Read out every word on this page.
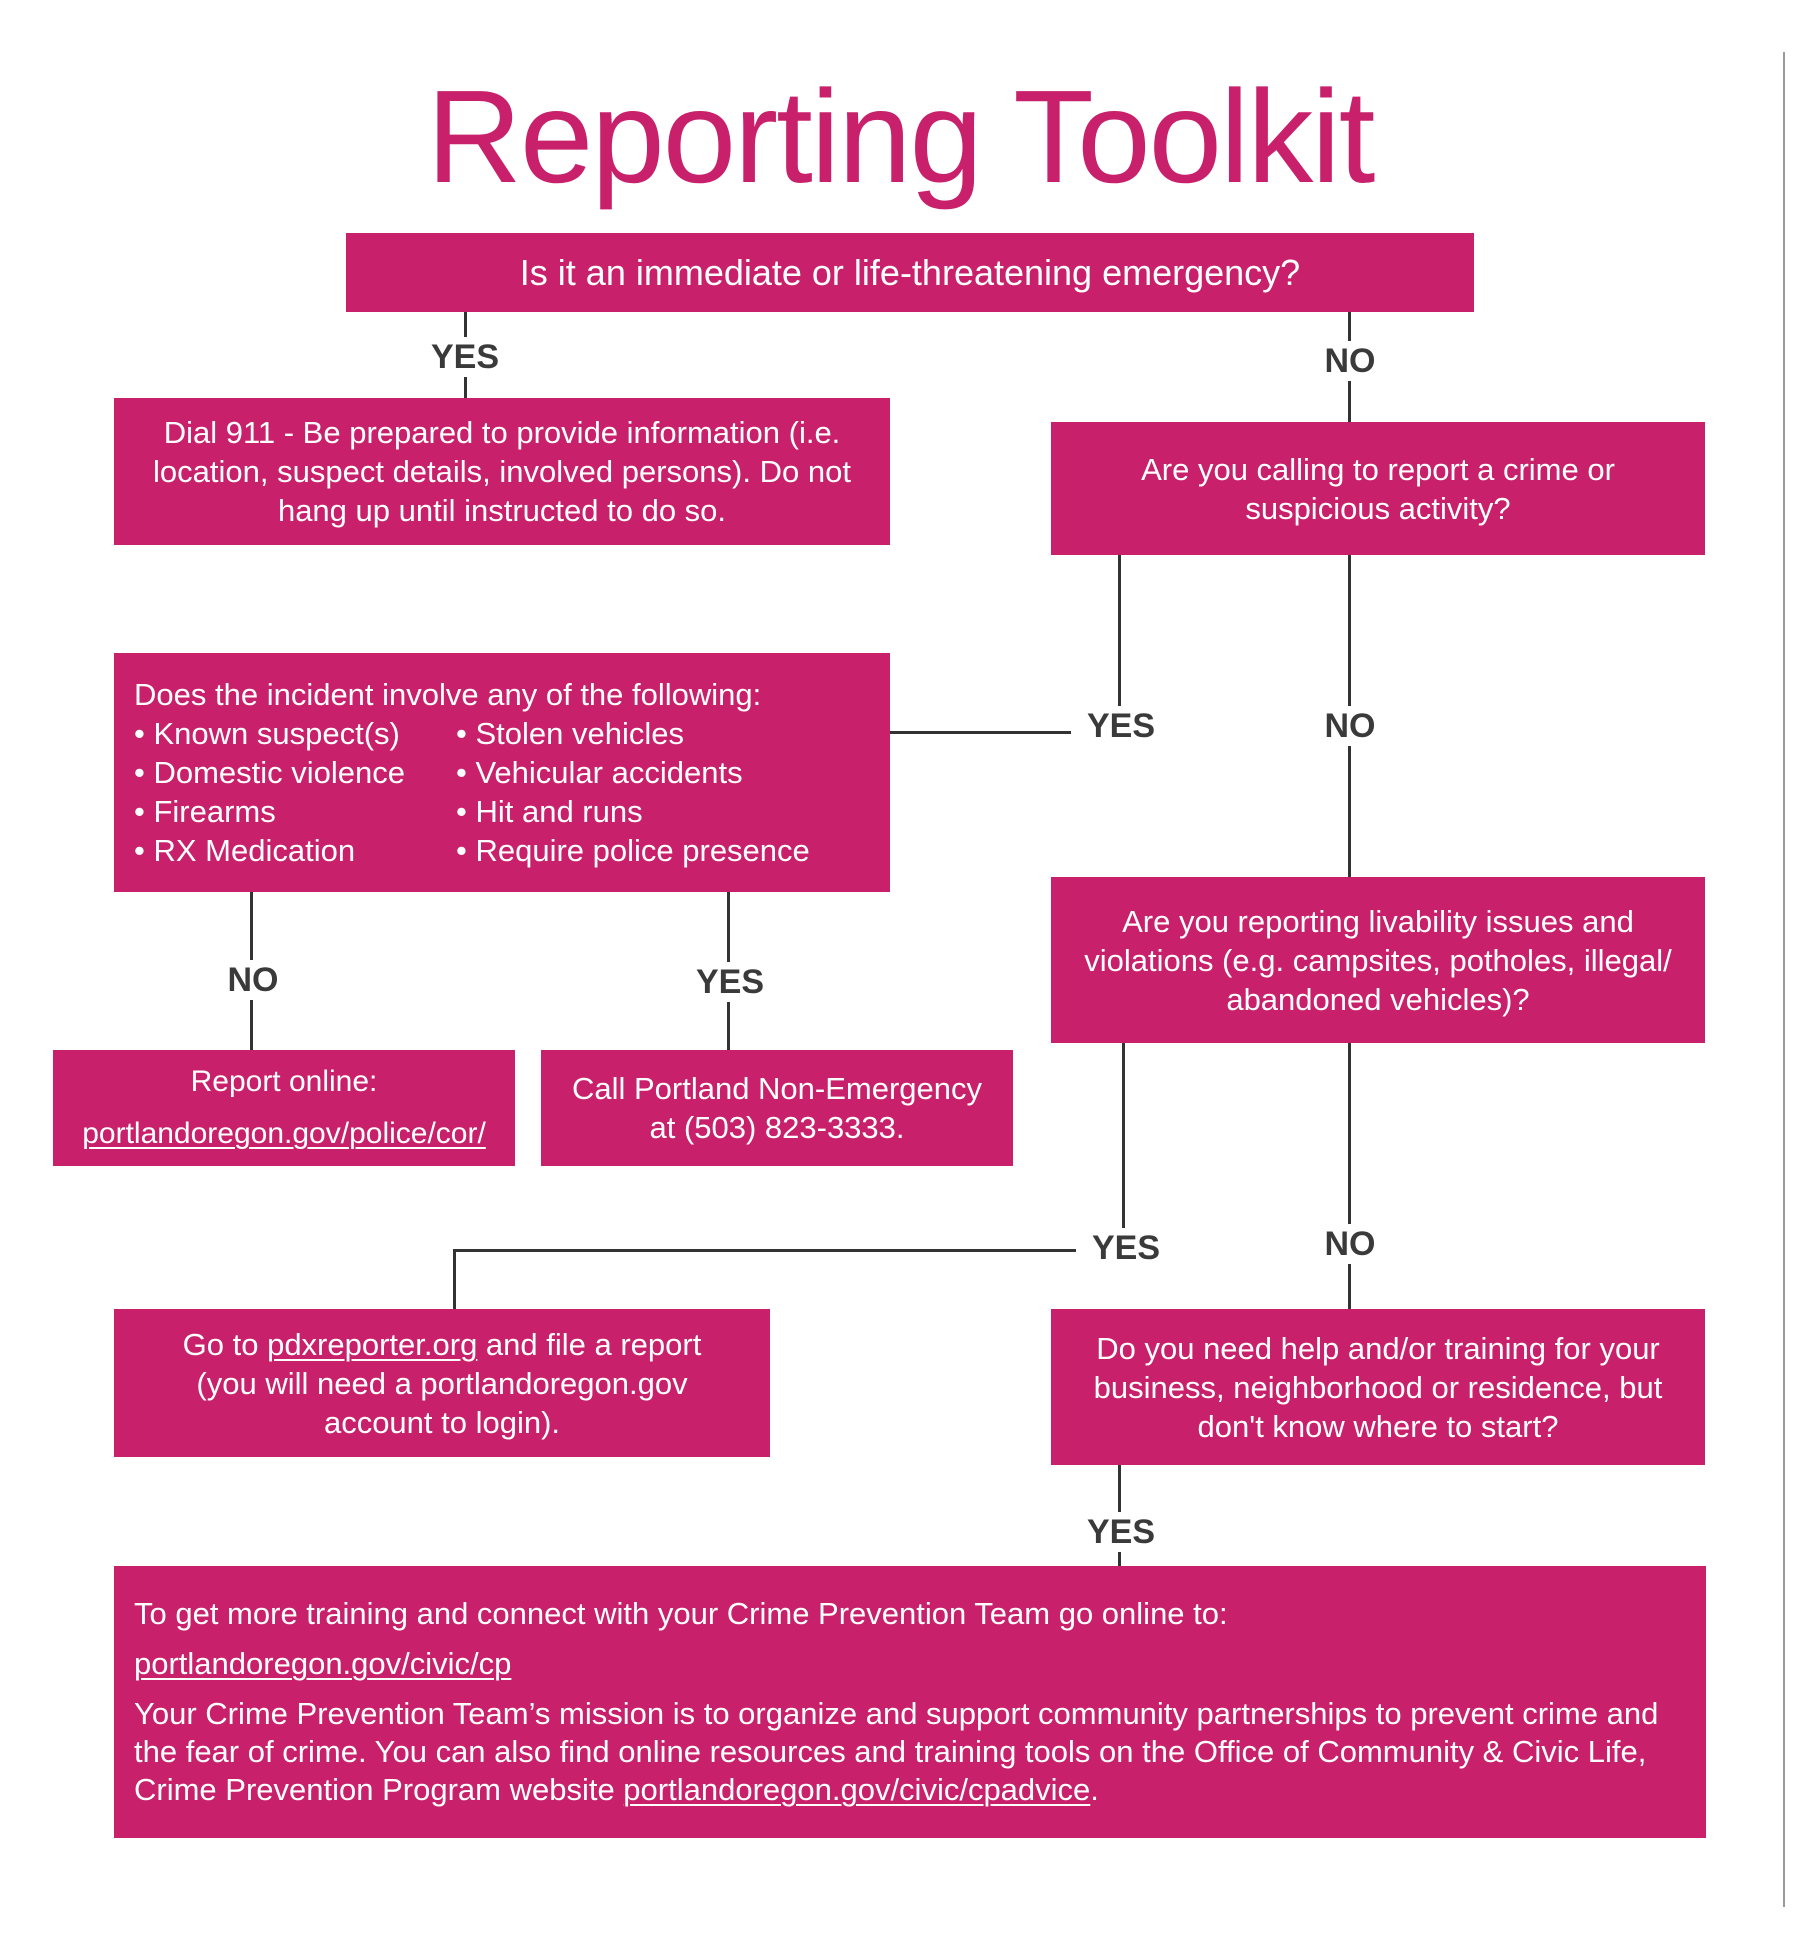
Reporting Toolkit
Is it an immediate or life-threatening emergency?
Dial 911 - Be prepared to provide information (i.e. location, suspect details, involved persons). Do not hang up until instructed to do so.
Are you calling to report a crime or suspicious activity?
Does the incident involve any of the following:
• Known suspect(s)	• Stolen vehicles
• Domestic violence	• Vehicular accidents
• Firearms	• Hit and runs
• RX Medication	• Require police presence
Are you reporting livability issues and violations (e.g. campsites, potholes, illegal/ abandoned vehicles)?
Report online:
portlandoregon.gov/police/cor/
Call Portland Non-Emergency
at (503) 823-3333.
Go to pdxreporter.org and file a report (you will need a portlandoregon.gov account to login).
Do you need help and/or training for your business, neighborhood or residence, but don't know where to start?
To get more training and connect with your Crime Prevention Team go online to:
portlandoregon.gov/civic/cp
Your Crime Prevention Team’s mission is to organize and support community partnerships to prevent crime and the fear of crime. You can also find online resources and training tools on the Office of Community & Civic Life, Crime Prevention Program website portlandoregon.gov/civic/cpadvice.
YES	NO
YES	NO
NO	YES
YES	NO
YES
